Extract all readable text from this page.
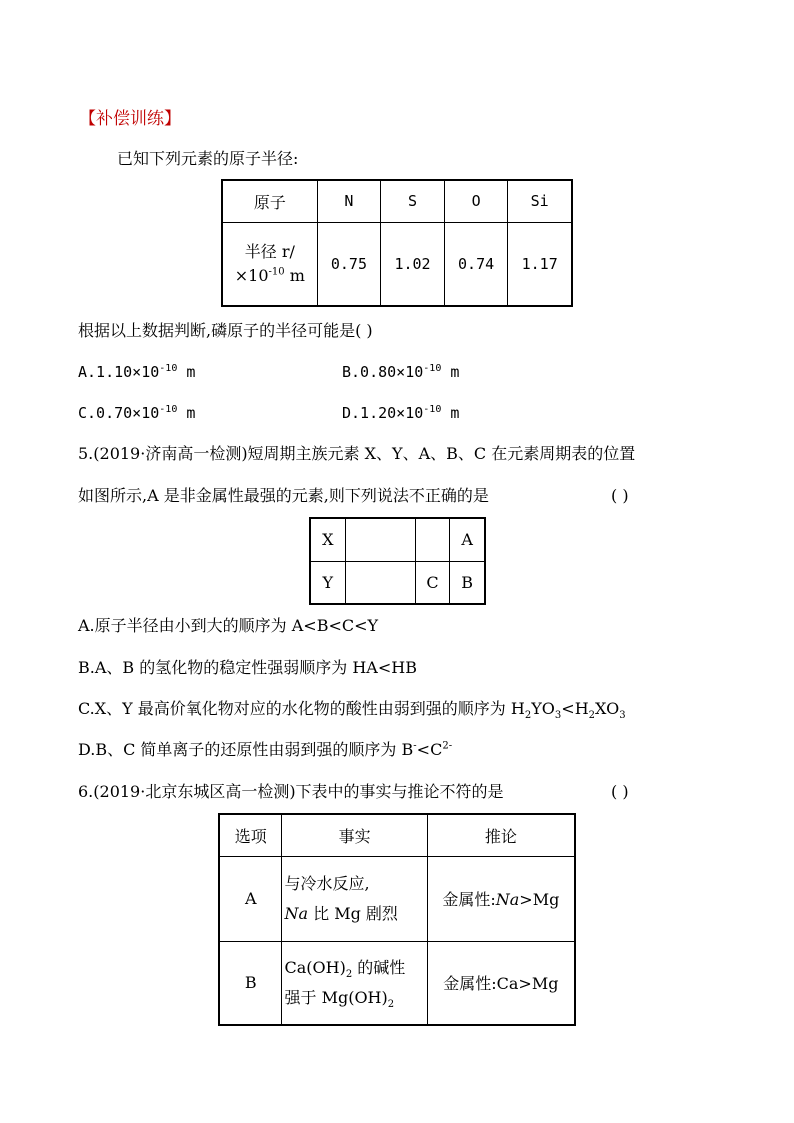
【补偿训练】
已知下列元素的原子半径:
原子	N	S	O	Si

半径 r/
$\times 10^{-10}$ m	0.75	1.02	0.74	1.17
根据以上数据判断,磷原子的半径可能是( )
$A.1.10\times 10^{-10}$ m	$B.0.80\times 10^{-10}$ m
$C.0.70\times 10^{-10}$ m	$D.1.20\times 10^{-10}$ m
5.(2019·济南高一检测)短周期主族元素 X、Y、A、B、C 在元素周期表的位置
如图所示,A 是非金属性最强的元素,则下列说法不正确的是	( )
X			A
Y		C	B
A.原子半径由小到大的顺序为 A<B<C<Y
B.A、B 的氢化物的稳定性强弱顺序为 HA<HB
C.X、Y 最高价氧化物对应的水化物的酸性由弱到强的顺序为 $H_2YO_3<H_2XO_3$
D.B、C 简单离子的还原性由弱到强的顺序为 $B^-<C^{2-}$
6.(2019·北京东城区高一检测)下表中的事实与推论不符的是	( )
选项	事实	推论
A	与冷水反应,
Na 比 Mg 剧烈	金属性:Na>Mg
B	$Ca(OH)_2$ 的碱性
强于 $Mg(OH)_2$	金属性:Ca>Mg
